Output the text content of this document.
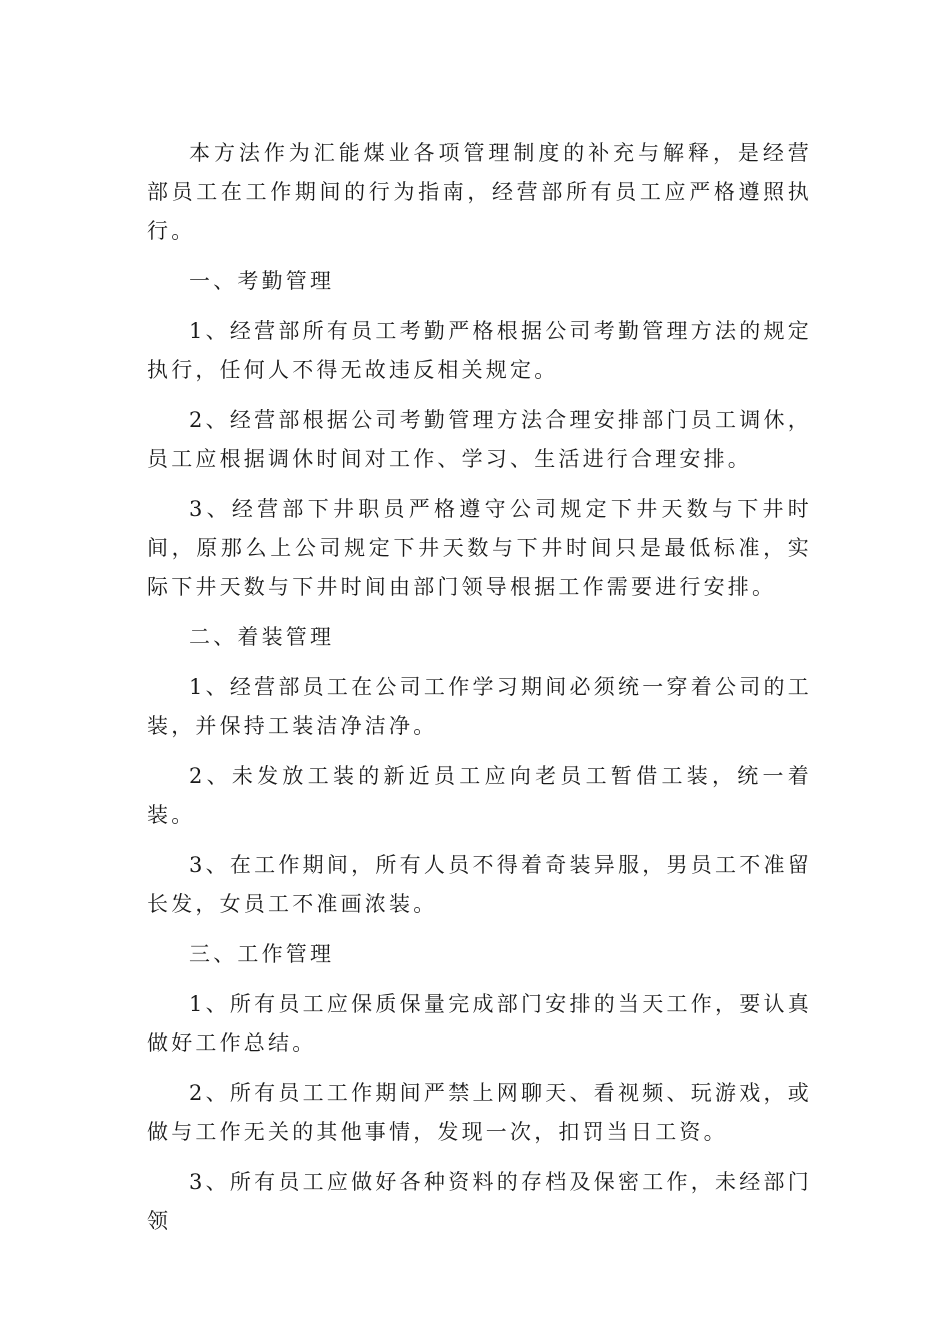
本方法作为汇能煤业各项管理制度的补充与解释，是经营部员工在工作期间的行为指南，经营部所有员工应严格遵照执行。

一、考勤管理

1、经营部所有员工考勤严格根据公司考勤管理方法的规定执行，任何人不得无故违反相关规定。

2、经营部根据公司考勤管理方法合理安排部门员工调休，员工应根据调休时间对工作、学习、生活进行合理安排。

3、经营部下井职员严格遵守公司规定下井天数与下井时间，原那么上公司规定下井天数与下井时间只是最低标准，实际下井天数与下井时间由部门领导根据工作需要进行安排。

二、着装管理

1、经营部员工在公司工作学习期间必须统一穿着公司的工装，并保持工装洁净洁净。

2、未发放工装的新近员工应向老员工暂借工装，统一着装。

3、在工作期间，所有人员不得着奇装异服，男员工不准留长发，女员工不准画浓装。

三、工作管理

1、所有员工应保质保量完成部门安排的当天工作，要认真做好工作总结。

2、所有员工工作期间严禁上网聊天、看视频、玩游戏，或做与工作无关的其他事情，发现一次，扣罚当日工资。

3、所有员工应做好各种资料的存档及保密工作，未经部门领
